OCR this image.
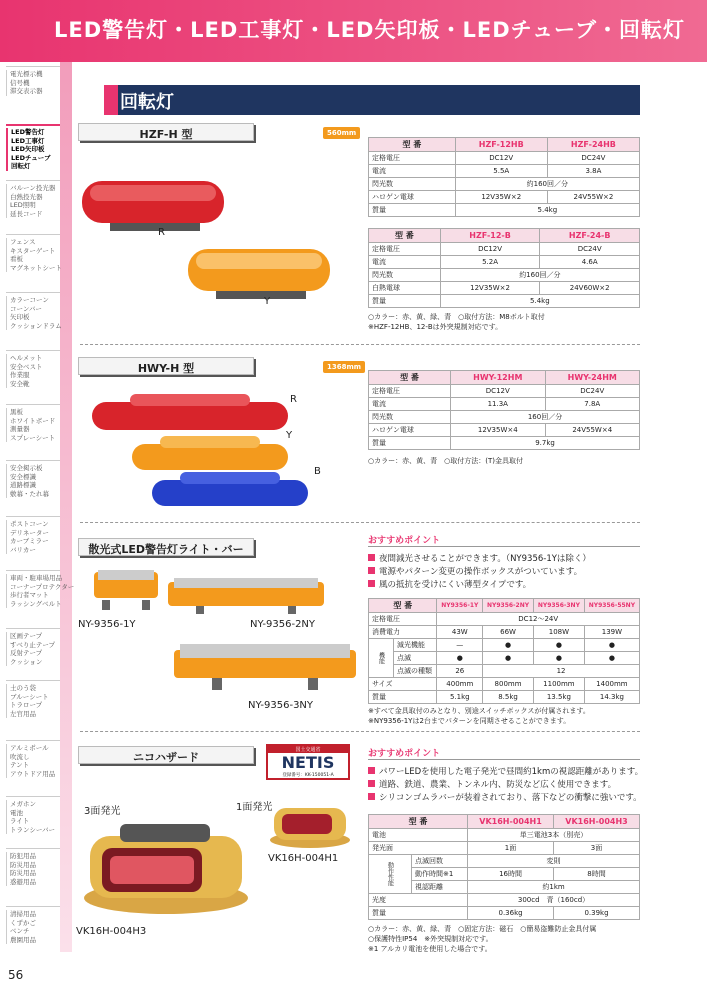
LED警告灯・LED工事灯・LED矢印板・LEDチューブ・回転灯
電光標示機
信号機
滞交表示器
LED警告灯
LED工事灯
LED矢印板
LEDチューブ
回転灯
バルーン投光器
白熱投光器
LED照明
延長コード
フェンス
キスターゲート
看板
マグネットシート
カラーコーン
コーンバー
矢印板
クッションドラム
ヘルメット
安全ベスト
作業服
安全靴
黒板
ホワイトボード
測量器
スプレーシート
安全掲示板
安全標識
道路標識
敷幕・たれ幕
ポストコーン
デリネーター
カーブミラー
バリカー
車両・駐車場用品
コーナープロテクター
歩行者マット
ラッシングベルト
区画テープ
すべり止テープ
反射テープ
クッション
土のう袋
ブルーシート
トラロープ
左官用品
アルミポール
吹流し
テント
アウトドア用品
メガホン
電池
ライト
トランシーバー
防犯用品
防災用品
防災用品
惑避用品
清掃用品
くずかご
ベンチ
農園用品
回転灯
HZF-H 型	560mm
R
Y
型 番	HZF-12HB	HZF-24HB
定格電圧	DC12V	DC24V
電流	5.5A	3.8A
閃光数	約160回／分	
ハロゲン電球	12V35W×2	24V55W×2
質量	5.4kg	
型 番	HZF-12-B	HZF-24-B
定格電圧	DC12V	DC24V
電流	5.2A	4.6A
閃光数	約160回／分	
白熱電球	12V35W×2	24V60W×2
質量	5.4kg	
○カラー：赤、黄、緑、青　○取付方法：M8ボルト取付
※HZF-12HB、12-Bは外突規制対応です。
HWY-H 型	1368mm
R
Y
B
型 番	HWY-12HM	HWY-24HM
定格電圧	DC12V	DC24V
電流	11.3A	7.8A
閃光数	160回／分	
ハロゲン電球	12V35W×4	24V55W×4
質量	9.7kg	
○カラー：赤、黄、青　○取付方法：(T)金具取付
散光式LED警告灯ライト・バー
おすすめポイント
夜間減光させることができます。（NY9356-1Yは除く）
電源やパターン変更の操作ボックスがついています。
風の抵抗を受けにくい薄型タイプです。
NY-9356-1Y	NY-9356-2NY
NY-9356-3NY
型 番		NY9356-1Y	NY9356-2NY	NY9356-3NY	NY9356-55NY
定格電圧		DC12〜24V			
消費電力		43W	66W	108W	139W
機能	減光機能	—	●	●	●
	点滅	●	●	●	●
	点滅の種類	26	12		
サイズ		400mm	800mm	1100mm	1400mm
質量		5.1kg	8.5kg	13.5kg	14.3kg
※すべて金具取付のみとなり、別途スイッチボックスが付属されます。
※NY9356-1Yは2台までパターンを同期させることができます。
ニコハザード
国土交通省
NETIS
登録番号：KK-150051-A
おすすめポイント
パワーLEDを使用した電子発光で昼間約1kmの視認距離があります。
道路、鉄道、農業、トンネル内、防災など広く使用できます。
シリコンゴムラバーが装着されており、落下などの衝撃に強いです。
3面発光
VK16H-004H3
1面発光
VK16H-004H1
型 番		VK16H-004H1	VK16H-004H3
電池		単三電池3本（別売）	
発光面		1面	3面
動作性能	点滅回数	変則	
	動作時間※1	16時間	8時間
	視認距離	約1km	
光度		300cd　青（160cd）	
質量		0.36kg	0.39kg
○カラー：赤、黄、緑、青　○固定方法：磁石　○簡易盗難防止金具付属
○保護特性IP54　※外突規制対応です。
※1 アルカリ電池を使用した場合です。
56
